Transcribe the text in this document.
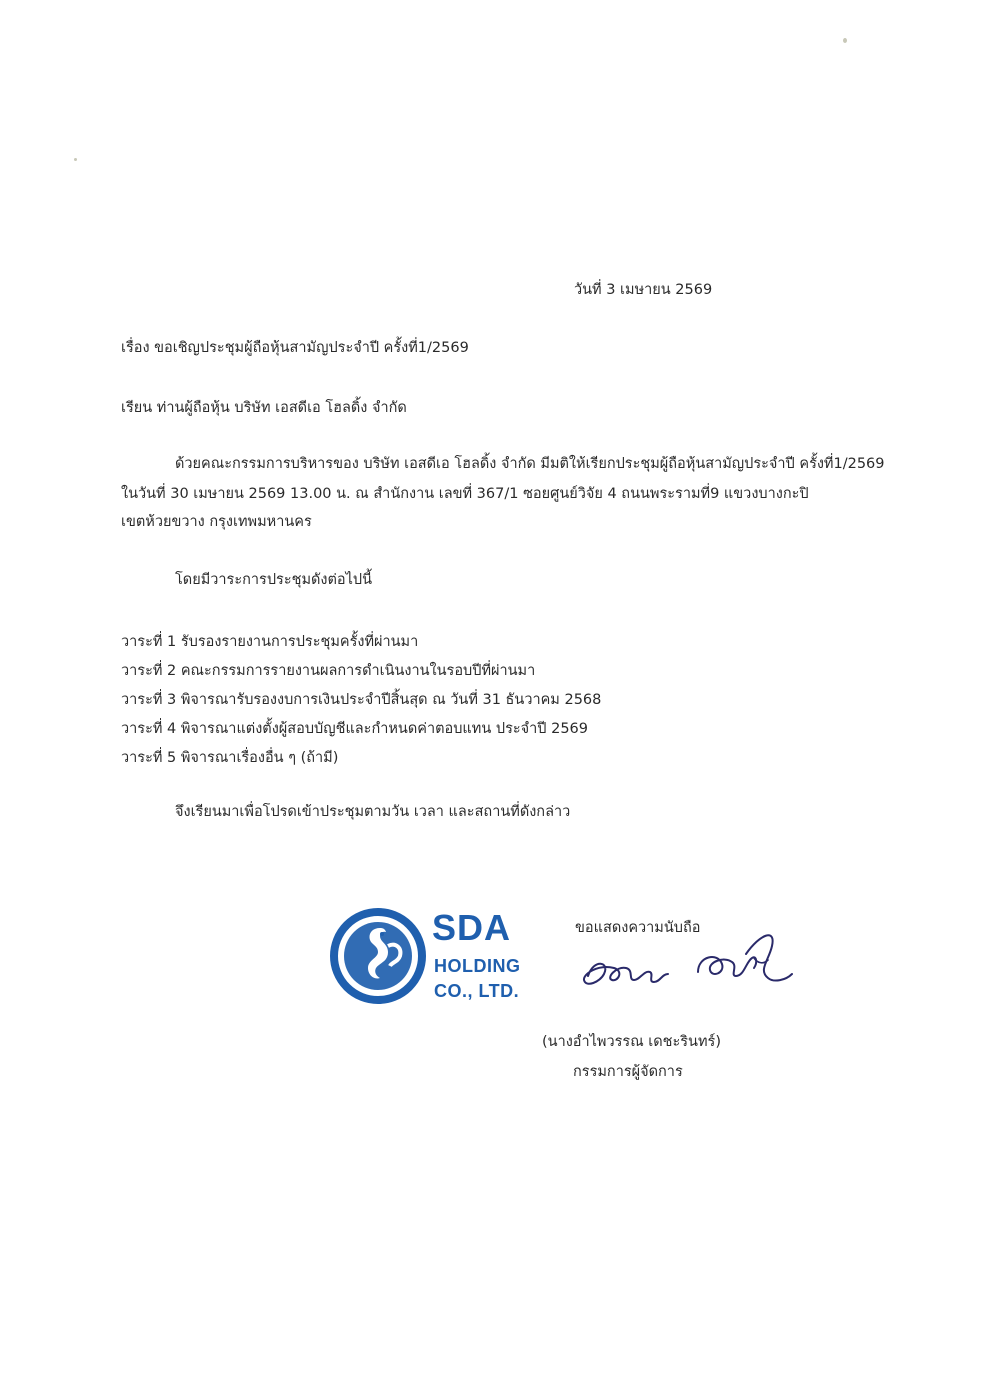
วันที่ 3 เมษายน 2569
เรื่อง ขอเชิญประชุมผู้ถือหุ้นสามัญประจำปี ครั้งที่1/2569
เรียน ท่านผู้ถือหุ้น บริษัท เอสดีเอ โฮลดิ้ง จำกัด
ด้วยคณะกรรมการบริหารของ บริษัท เอสดีเอ โฮลดิ้ง จำกัด มีมติให้เรียกประชุมผู้ถือหุ้นสามัญประจำปี ครั้งที่1/2569
ในวันที่ 30 เมษายน 2569 13.00 น. ณ สำนักงาน เลขที่ 367/1 ซอยศูนย์วิจัย 4 ถนนพระรามที่9 แขวงบางกะปิ
เขตห้วยขวาง กรุงเทพมหานคร
โดยมีวาระการประชุมดังต่อไปนี้
วาระที่ 1 รับรองรายงานการประชุมครั้งที่ผ่านมา
วาระที่ 2 คณะกรรมการรายงานผลการดำเนินงานในรอบปีที่ผ่านมา
วาระที่ 3 พิจารณารับรองงบการเงินประจำปีสิ้นสุด ณ วันที่ 31 ธันวาคม 2568
วาระที่ 4 พิจารณาแต่งตั้งผู้สอบบัญชีและกำหนดค่าตอบแทน ประจำปี 2569
วาระที่ 5 พิจารณาเรื่องอื่น ๆ (ถ้ามี)
จึงเรียนมาเพื่อโปรดเข้าประชุมตามวัน เวลา และสถานที่ดังกล่าว
SDA
HOLDING
CO., LTD.
ขอแสดงความนับถือ
(นางอำไพวรรณ เดชะรินทร์)
กรรมการผู้จัดการ
